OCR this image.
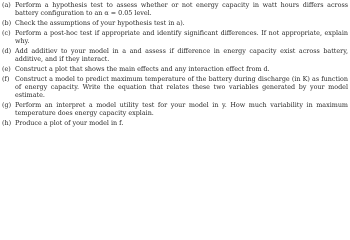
(a) Perform a hypothesis test to assess whether or not energy capacity in watt hours differs across battery configuration to an α = 0.05 level.
(b) Check the assumptions of your hypothesis test in a).
(c) Perform a post-hoc test if appropriate and identify significant differences. If not appropriate, explain why.
(d) Add additiev to your model in a and assess if difference in energy capacity exist across battery, additive, and if they interact.
(e) Construct a plot that shows the main effects and any interaction effect from d.
(f) Construct a model to predict maximum temperature of the battery during discharge (in K) as function of energy capacity. Write the equation that relates these two variables generated by your model estimate.
(g) Perform an interpret a model utility test for your model in y. How much variability in maximum temperature does energy capacity explain.
(h) Produce a plot of your model in f.
